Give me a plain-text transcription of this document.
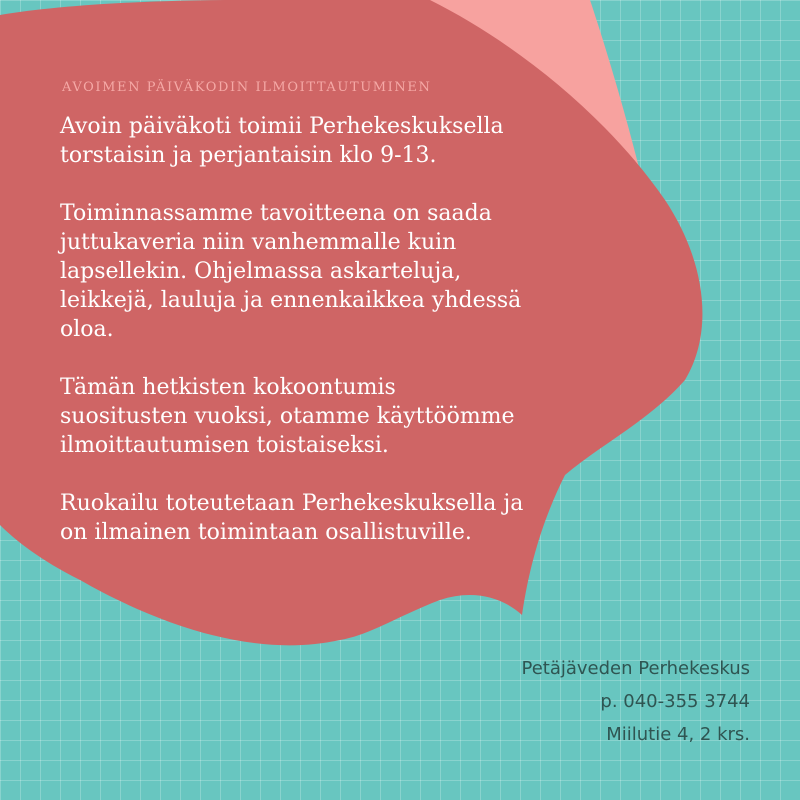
AVOIMEN PÄIVÄKODIN ILMOITTAUTUMINEN

Avoin päiväkoti toimii Perhekeskuksella
torstaisin ja perjantaisin klo 9-13.

Toiminnassamme tavoitteena on saada
juttukaveria niin vanhemmalle kuin
lapsellekin. Ohjelmassa askarteluja,
leikkejä, lauluja ja ennenkaikkea yhdessä
oloa.

Tämän hetkisten kokoontumis
suositusten vuoksi, otamme käyttöömme
ilmoittautumisen toistaiseksi.

Ruokailu toteutetaan Perhekeskuksella ja
on ilmainen toimintaan osallistuville.

Petäjäveden Perhekeskus
p. 040-355 3744
Miilutie 4, 2 krs.
